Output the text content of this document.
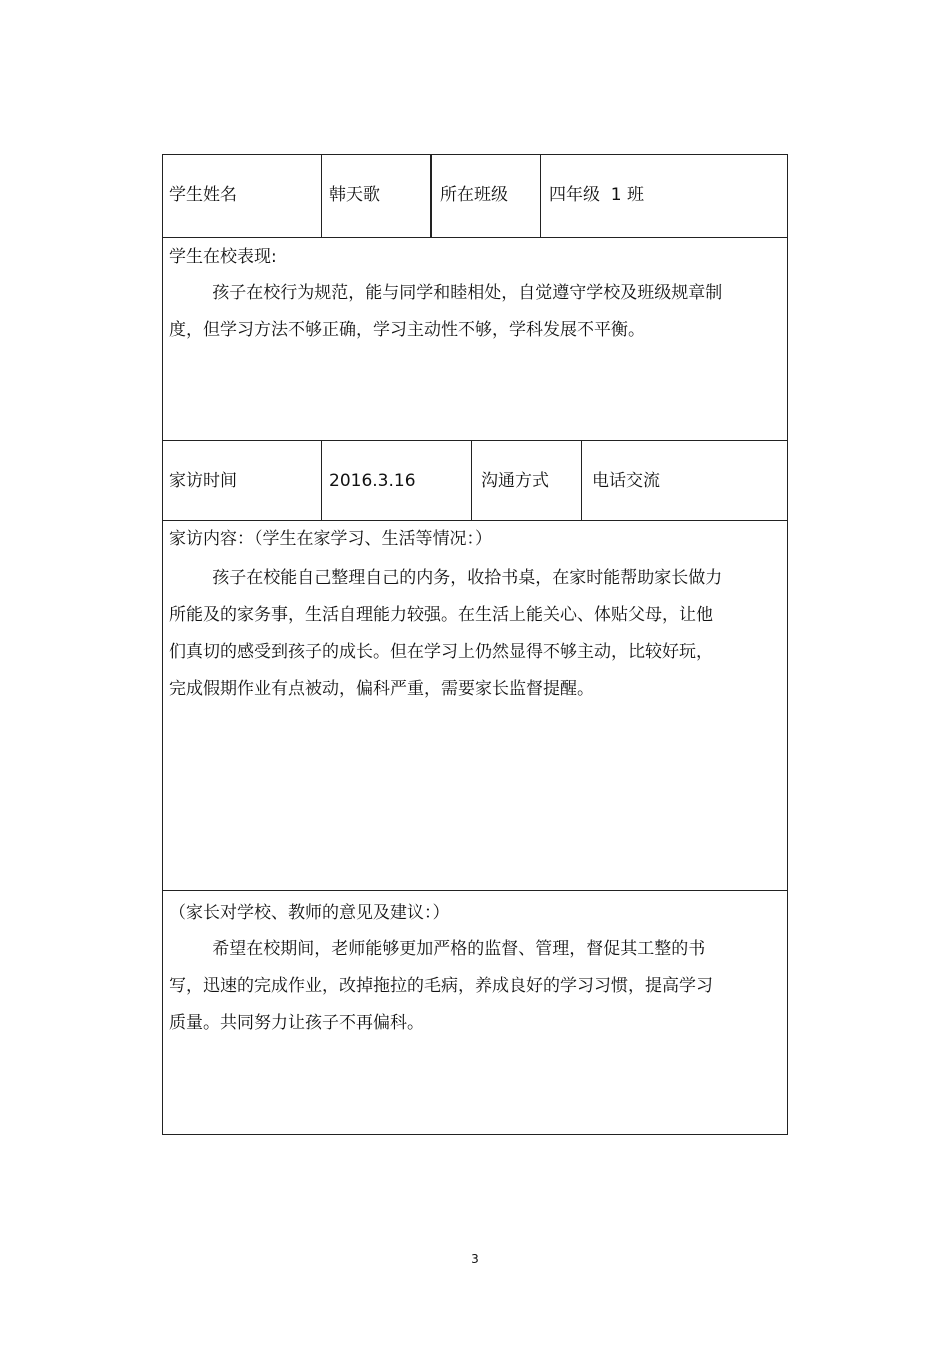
学生姓名	韩天歌	所在班级 四年级  1 班
学生在校表现:

孩子在校行为规范，能与同学和睦相处，自觉遵守学校及班级规章制

度，但学习方法不够正确，学习主动性不够，学科发展不平衡。

家访时间	2016.3.16	沟通方式	电话交流
家访内容：（学生在家学习、生活等情况：）

孩子在校能自己整理自己的内务，收拾书桌，在家时能帮助家长做力

所能及的家务事，生活自理能力较强。在生活上能关心、体贴父母，让他

们真切的感受到孩子的成长。但在学习上仍然显得不够主动，比较好玩，

完成假期作业有点被动，偏科严重，需要家长监督提醒。

（家长对学校、教师的意见及建议：）

希望在校期间，老师能够更加严格的监督、管理，督促其工整的书

写，迅速的完成作业，改掉拖拉的毛病，养成良好的学习习惯，提高学习

质量。共同努力让孩子不再偏科。

3
